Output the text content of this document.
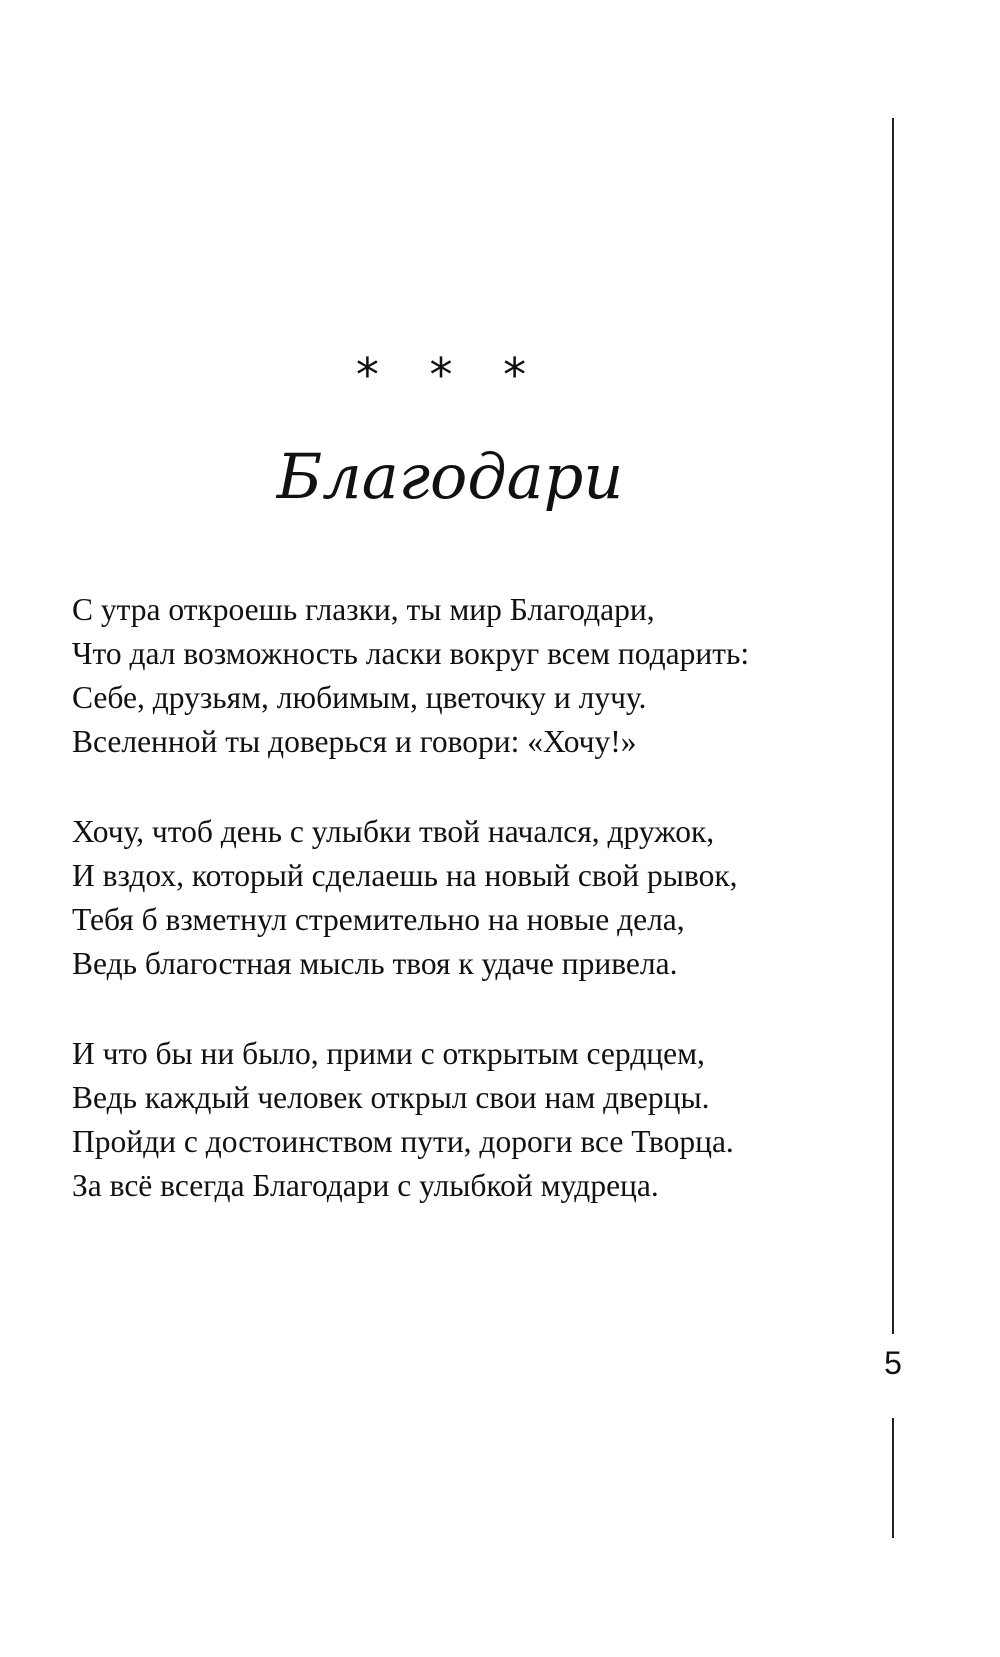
* * *
Благодари
С утра откроешь глазки, ты мир Благодари,
Что дал возможность ласки вокруг всем подарить:
Себе, друзьям, любимым, цветочку и лучу.
Вселенной ты доверься и говори: «Хочу!»
Хочу, чтоб день с улыбки твой начался, дружок,
И вздох, который сделаешь на новый свой рывок,
Тебя б взметнул стремительно на новые дела,
Ведь благостная мысль твоя к удаче привела.
И что бы ни было, прими с открытым сердцем,
Ведь каждый человек открыл свои нам дверцы.
Пройди с достоинством пути, дороги все Творца.
За всё всегда Благодари с улыбкой мудреца.
5
